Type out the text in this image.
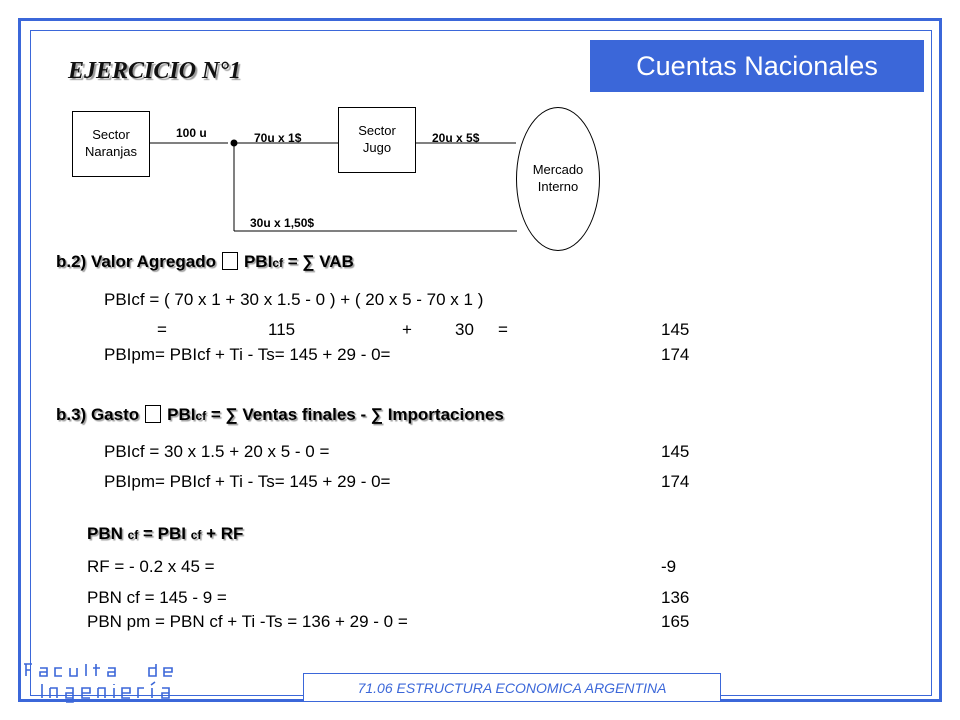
Cuentas Nacionales
EJERCICIO N°1
Sector
Naranjas
Sector
Jugo
Mercado
Interno
100 u	70u x 1$	20u x 5$
30u x 1,50$
b.2) Valor Agregado PBIcf = ∑ VAB
PBIcf = ( 70 x 1 + 30 x 1.5 - 0 ) + ( 20 x 5 - 70 x 1 )
=	115	+	30 =	145
PBIpm= PBIcf + Ti - Ts= 145 + 29 - 0=	174
b.3) Gasto PBIcf = ∑ Ventas finales - ∑ Importaciones
PBIcf = 30 x 1.5 + 20 x 5 - 0 =	145
PBIpm= PBIcf + Ti - Ts= 145 + 29 - 0=	174
PBN cf = PBI cf + RF
RF = - 0.2 x 45 =	-9
PBN cf = 145 - 9 =	136
PBN pm = PBN cf + Ti -Ts = 136 + 29 - 0 =	165
71.06 ESTRUCTURA ECONOMICA ARGENTINA
